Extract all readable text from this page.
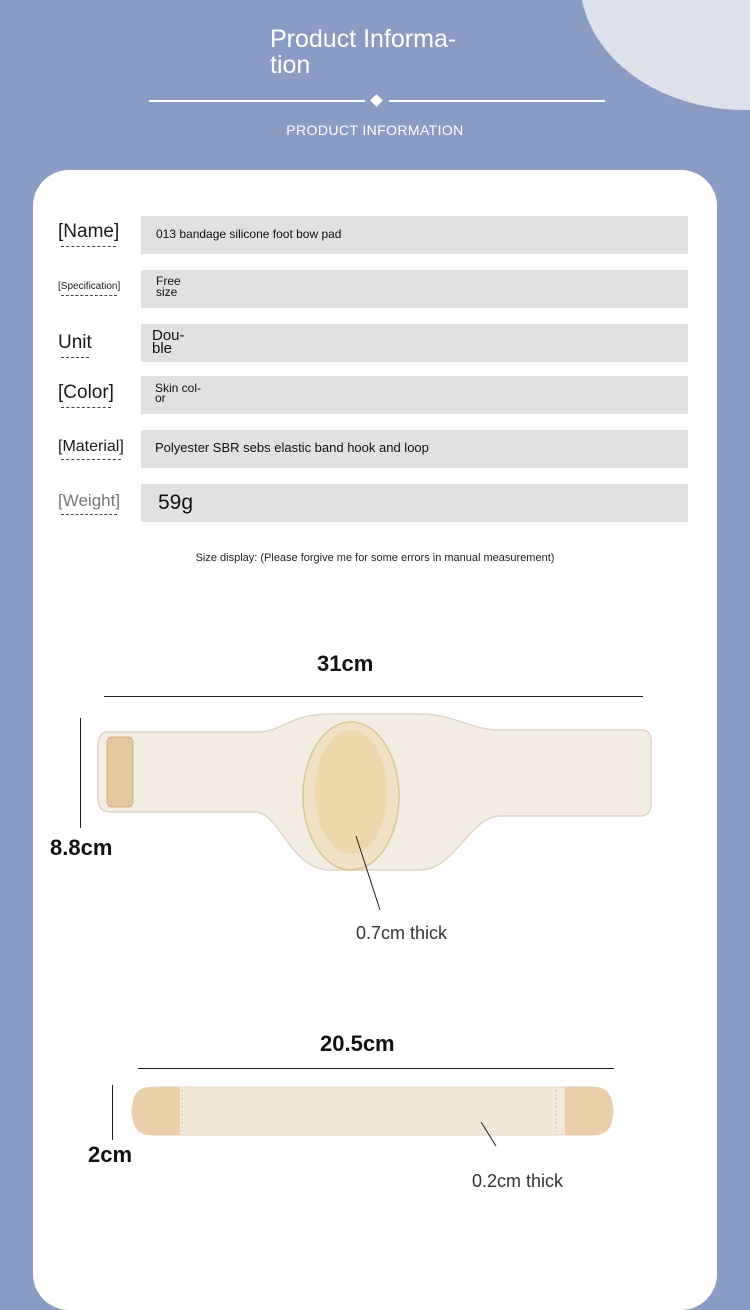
Product Informa-
tion
PRODUCT INFORMATION
[Name]	013 bandage silicone foot bow pad
[Specification]	Free
size
Unit	Dou-
ble
[Color]	Skin col-
or
[Material] Polyester SBR sebs elastic band hook and loop
[Weight] 59g
Size display: (Please forgive me for some errors in manual measurement)
31cm
8.8cm
0.7cm thick
20.5cm
2cm
0.2cm thick
